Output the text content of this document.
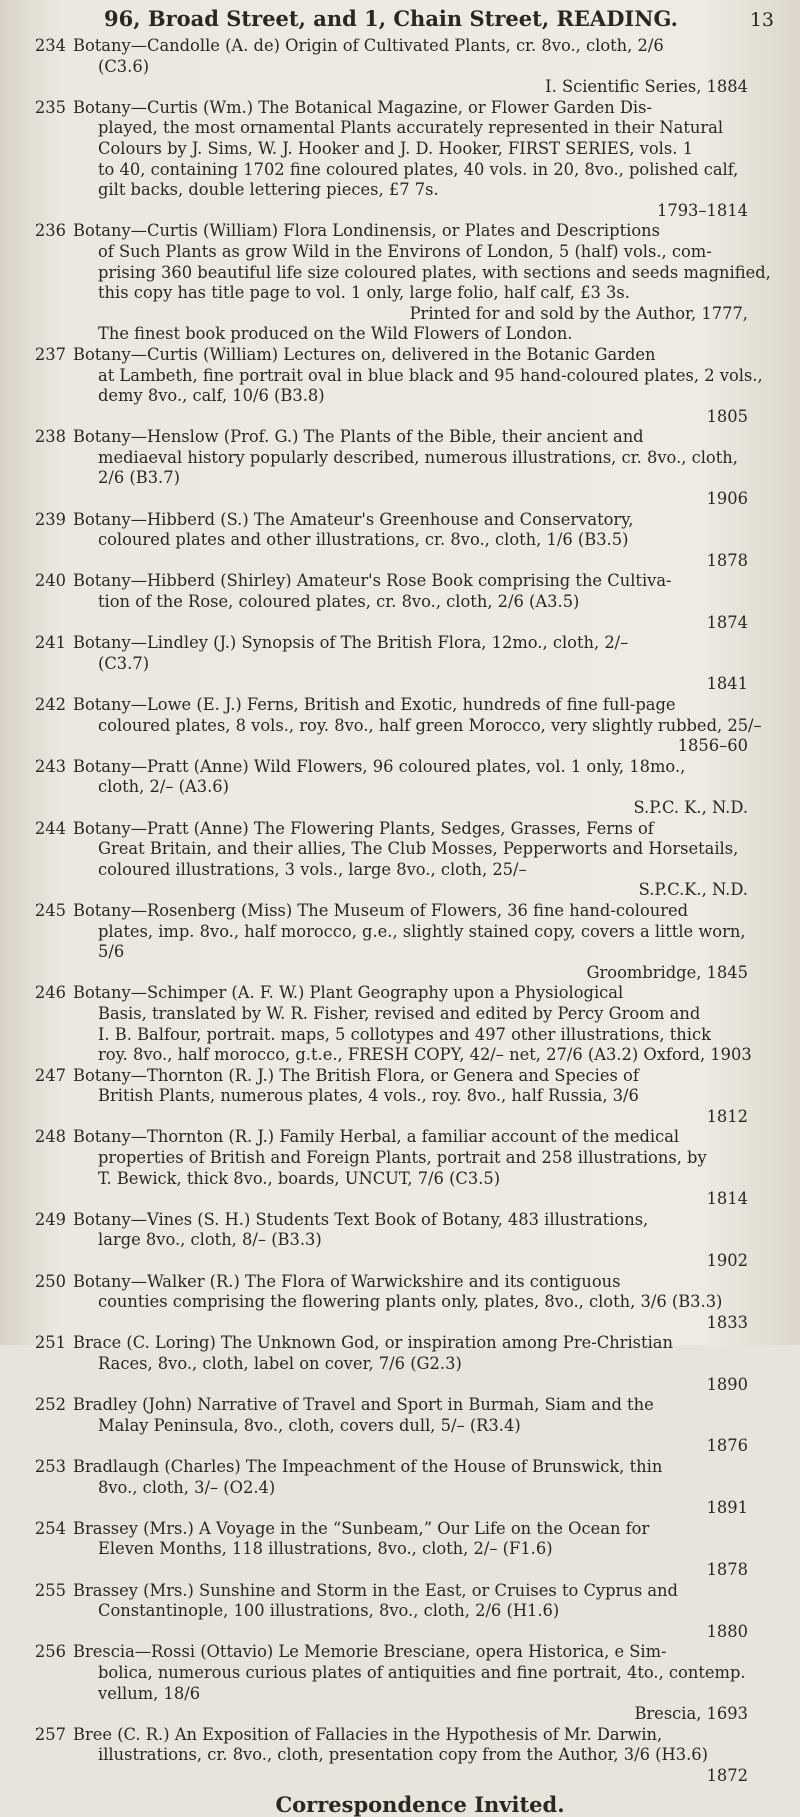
96, Broad Street, and 1, Chain Street, READING.	13
234 Botany—Candolle (A. de) Origin of Cultivated Plants, cr. 8vo., cloth, 2/6
(C3.6)
I. Scientific Series, 1884
235 Botany—Curtis (Wm.) The Botanical Magazine, or Flower Garden Dis-
played, the most ornamental Plants accurately represented in their Natural
Colours by J. Sims, W. J. Hooker and J. D. Hooker, FIRST SERIES, vols. 1
to 40, containing 1702 fine coloured plates, 40 vols. in 20, 8vo., polished calf,
gilt backs, double lettering pieces, £7 7s.
1793–1814
236 Botany—Curtis (William) Flora Londinensis, or Plates and Descriptions
of Such Plants as grow Wild in the Environs of London, 5 (half) vols., com-
prising 360 beautiful life size coloured plates, with sections and seeds magnified,
this copy has title page to vol. 1 only, large folio, half calf, £3 3s.
Printed for and sold by the Author, 1777,
The finest book produced on the Wild Flowers of London.
237 Botany—Curtis (William) Lectures on, delivered in the Botanic Garden
at Lambeth, fine portrait oval in blue black and 95 hand-coloured plates, 2 vols.,
demy 8vo., calf, 10/6 (B3.8)
1805
238 Botany—Henslow (Prof. G.) The Plants of the Bible, their ancient and
mediaeval history popularly described, numerous illustrations, cr. 8vo., cloth,
2/6 (B3.7)
1906
239 Botany—Hibberd (S.) The Amateur's Greenhouse and Conservatory,
coloured plates and other illustrations, cr. 8vo., cloth, 1/6 (B3.5)
1878
240 Botany—Hibberd (Shirley) Amateur's Rose Book comprising the Cultiva-
tion of the Rose, coloured plates, cr. 8vo., cloth, 2/6 (A3.5)
1874
241 Botany—Lindley (J.) Synopsis of The British Flora, 12mo., cloth, 2/–
(C3.7)
1841
242 Botany—Lowe (E. J.) Ferns, British and Exotic, hundreds of fine full-page
coloured plates, 8 vols., roy. 8vo., half green Morocco, very slightly rubbed, 25/–
1856–60
243 Botany—Pratt (Anne) Wild Flowers, 96 coloured plates, vol. 1 only, 18mo.,
cloth, 2/– (A3.6)
S.P.C. K., N.D.
244 Botany—Pratt (Anne) The Flowering Plants, Sedges, Grasses, Ferns of
Great Britain, and their allies, The Club Mosses, Pepperworts and Horsetails,
coloured illustrations, 3 vols., large 8vo., cloth, 25/–
S.P.C.K., N.D.
245 Botany—Rosenberg (Miss) The Museum of Flowers, 36 fine hand-coloured
plates, imp. 8vo., half morocco, g.e., slightly stained copy, covers a little worn,
5/6
Groombridge, 1845
246 Botany—Schimper (A. F. W.) Plant Geography upon a Physiological
Basis, translated by W. R. Fisher, revised and edited by Percy Groom and
I. B. Balfour, portrait. maps, 5 collotypes and 497 other illustrations, thick
roy. 8vo., half morocco, g.t.e., FRESH COPY, 42/– net, 27/6 (A3.2) Oxford, 1903
247 Botany—Thornton (R. J.) The British Flora, or Genera and Species of
British Plants, numerous plates, 4 vols., roy. 8vo., half Russia, 3/6
1812
248 Botany—Thornton (R. J.) Family Herbal, a familiar account of the medical
properties of British and Foreign Plants, portrait and 258 illustrations, by
T. Bewick, thick 8vo., boards, UNCUT, 7/6 (C3.5)
1814
249 Botany—Vines (S. H.) Students Text Book of Botany, 483 illustrations,
large 8vo., cloth, 8/– (B3.3)
1902
250 Botany—Walker (R.) The Flora of Warwickshire and its contiguous
counties comprising the flowering plants only, plates, 8vo., cloth, 3/6 (B3.3)
1833
251 Brace (C. Loring) The Unknown God, or inspiration among Pre-Christian
Races, 8vo., cloth, label on cover, 7/6 (G2.3)
1890
252 Bradley (John) Narrative of Travel and Sport in Burmah, Siam and the
Malay Peninsula, 8vo., cloth, covers dull, 5/– (R3.4)
1876
253 Bradlaugh (Charles) The Impeachment of the House of Brunswick, thin
8vo., cloth, 3/– (O2.4)
1891
254 Brassey (Mrs.) A Voyage in the “Sunbeam,” Our Life on the Ocean for
Eleven Months, 118 illustrations, 8vo., cloth, 2/– (F1.6)
1878
255 Brassey (Mrs.) Sunshine and Storm in the East, or Cruises to Cyprus and
Constantinople, 100 illustrations, 8vo., cloth, 2/6 (H1.6)
1880
256 Brescia—Rossi (Ottavio) Le Memorie Bresciane, opera Historica, e Sim-
bolica, numerous curious plates of antiquities and fine portrait, 4to., contemp.
vellum, 18/6
Brescia, 1693
257 Bree (C. R.) An Exposition of Fallacies in the Hypothesis of Mr. Darwin,
illustrations, cr. 8vo., cloth, presentation copy from the Author, 3/6 (H3.6)
1872
Correspondence Invited.
